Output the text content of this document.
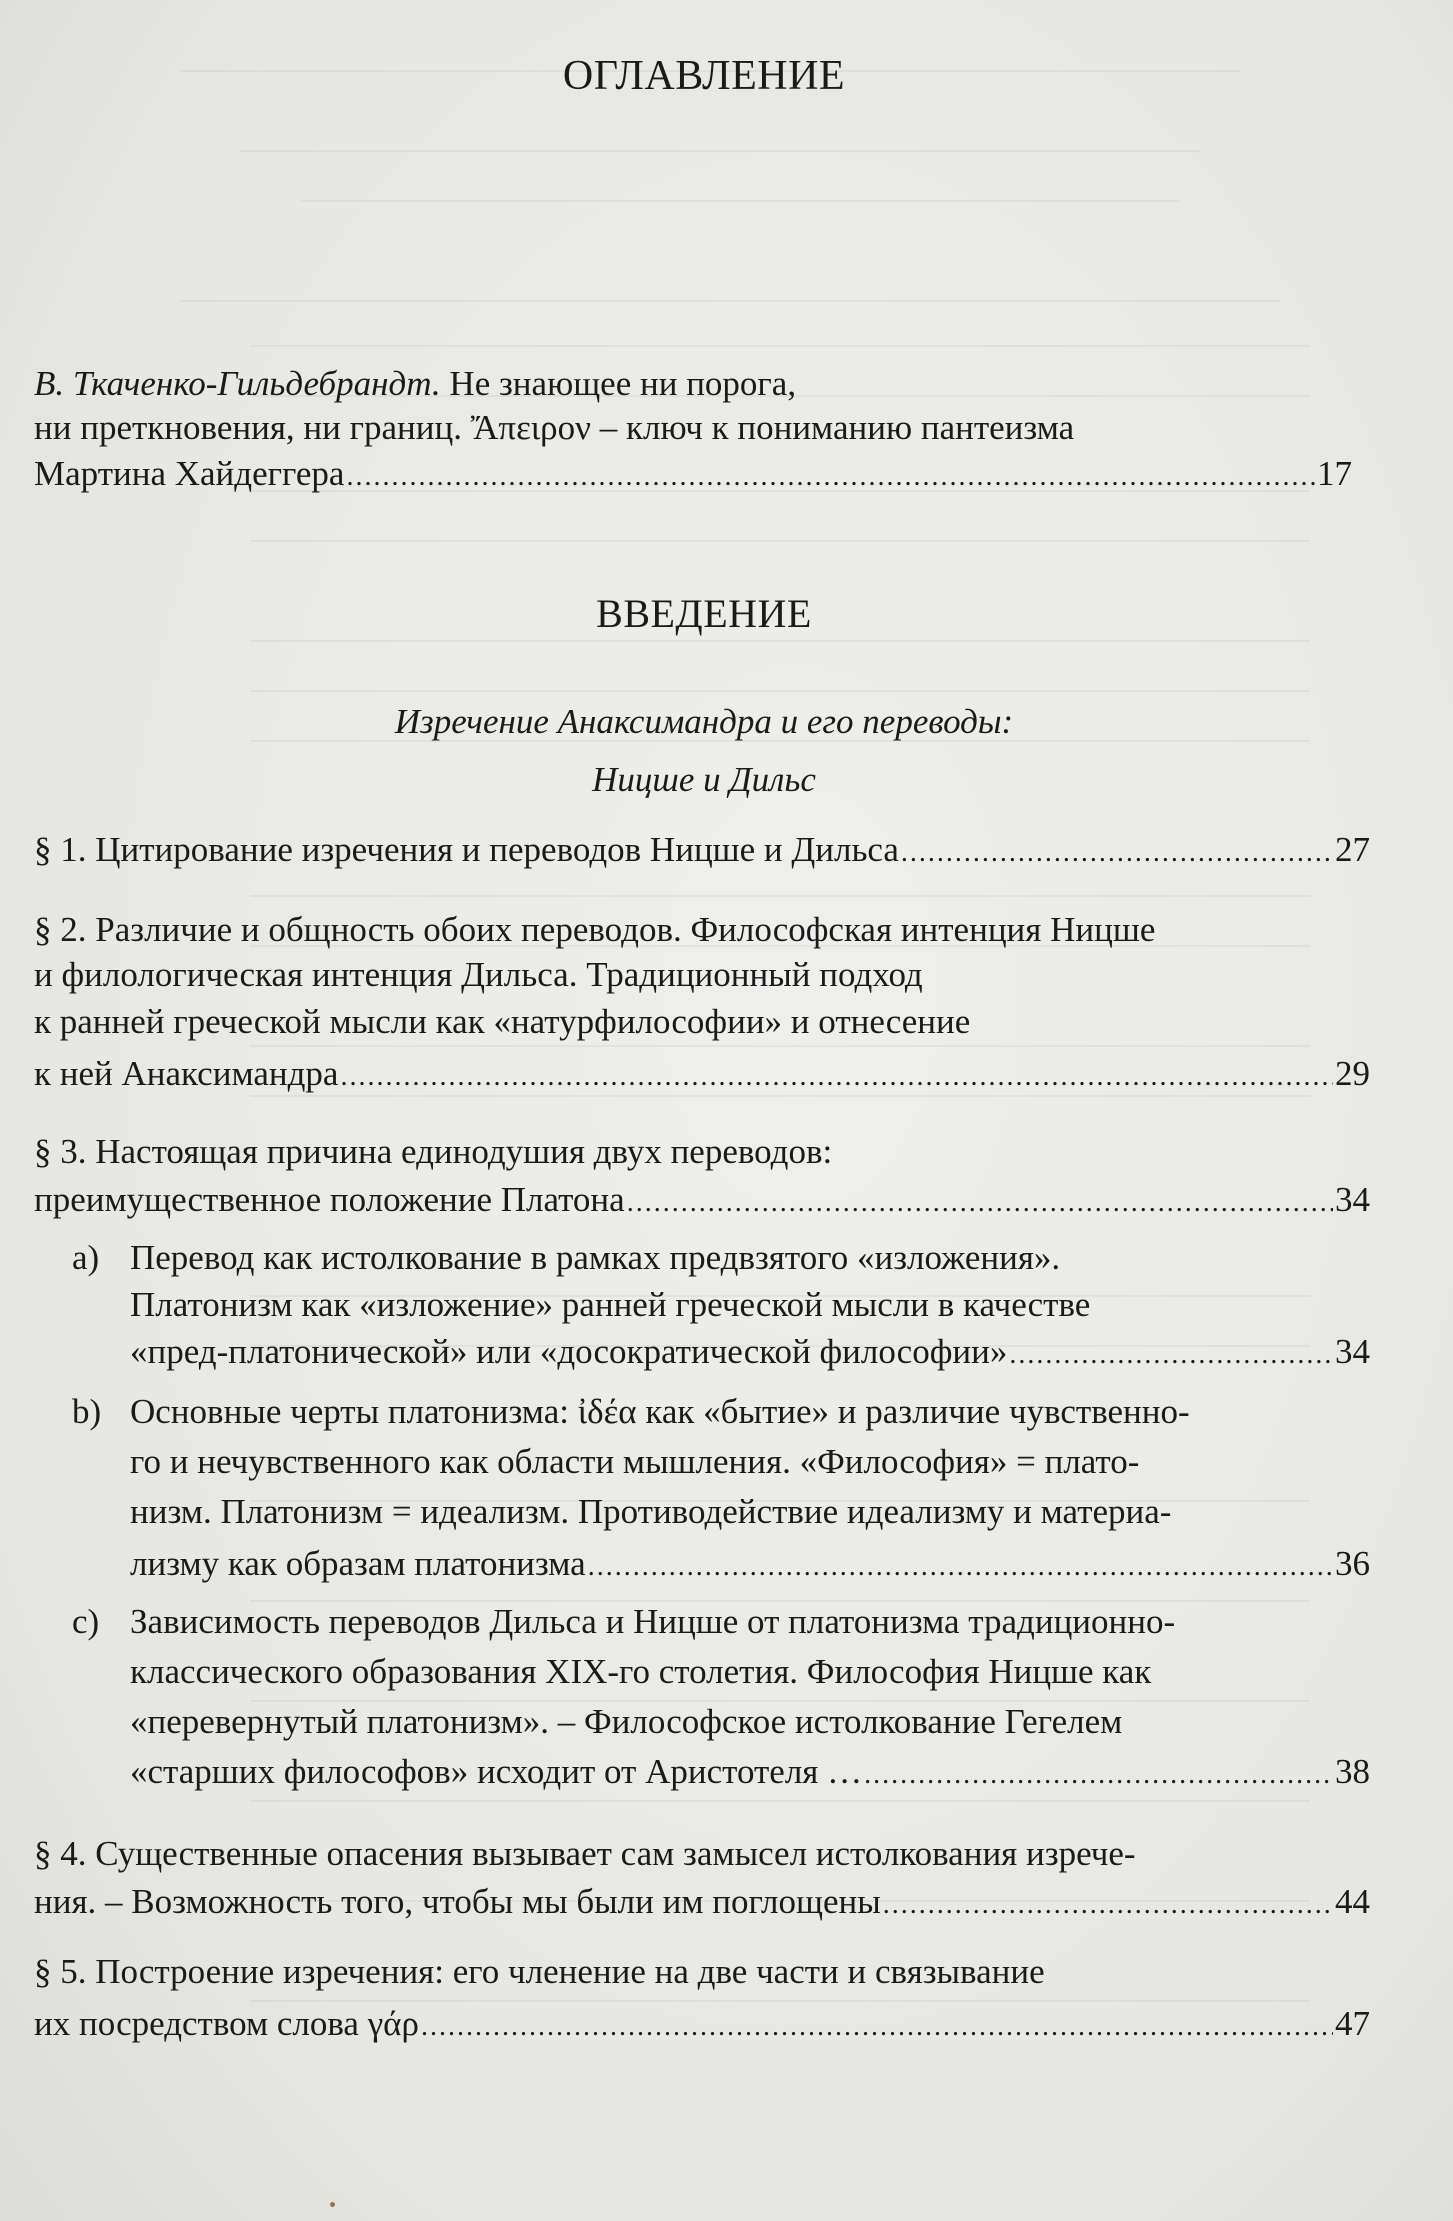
ОГЛАВЛЕНИЕ
В. Ткаченко-Гильдебрандт. Не знающее ни порога,
ни преткновения, ни границ. Ἄπειρον – ключ к пониманию пантеизма
Мартина Хайдеггера .....	17
ВВЕДЕНИЕ
Изречение Анаксимандра и его переводы:
Ницше и Дильс
§ 1. Цитирование изречения и переводов Ницше и Дильса .....	27
§ 2. Различие и общность обоих переводов. Философская интенция Ницше
и филологическая интенция Дильса. Традиционный подход
к ранней греческой мысли как «натурфилософии» и отнесение
к ней Анаксимандра .....	29
§ 3. Настоящая причина единодушия двух переводов:
преимущественное положение Платона .....	34
a) Перевод как истолкование в рамках предвзятого «изложения».
Платонизм как «изложение» ранней греческой мысли в качестве
«пред-платонической» или «досократической философии» .....	34
b) Основные черты платонизма: ἰδέα как «бытие» и различие чувственно-
го и нечувственного как области мышления. «Философия» = плато-
низм. Платонизм = идеализм. Противодействие идеализму и материа-
лизму как образам платонизма .....	36
c) Зависимость переводов Дильса и Ницше от платонизма традиционно-
классического образования XIX-го столетия. Философия Ницше как
«перевернутый платонизм». – Философское истолкование Гегелем
«старших философов» исходит от Аристотеля … .....	38
§ 4. Существенные опасения вызывает сам замысел истолкования изрече-
ния. – Возможность того, чтобы мы были им поглощены .....	44
§ 5. Построение изречения: его членение на две части и связывание
их посредством слова γάρ .....	47
